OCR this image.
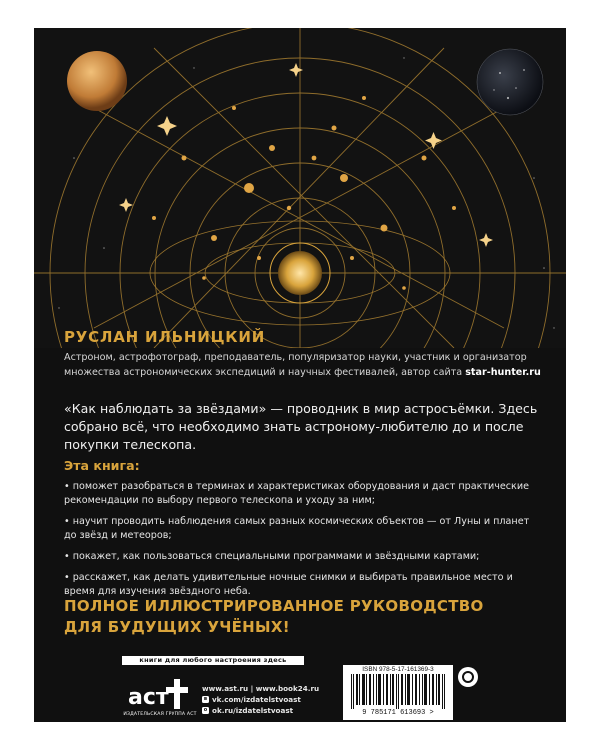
РУСЛАН ИЛЬНИЦКИЙ
Астроном, астрофотограф, преподаватель, популяризатор науки, участник и организатор множества астрономических экспедиций и научных фестивалей, автор сайта star-hunter.ru
«Как наблюдать за звёздами» — проводник в мир астросъёмки. Здесь собрано всё, что необходимо знать астроному-любителю до и после покупки телескопа.
Эта книга:
• поможет разобраться в терминах и характеристиках оборудования и даст практические рекомендации по выбору первого телескопа и уходу за ним;
• научит проводить наблюдения самых разных космических объектов — от Луны и планет до звёзд и метеоров;
• покажет, как пользоваться специальными программами и звёздными картами;
• расскажет, как делать удивительные ночные снимки и выбирать правильное место и время для изучения звёздного неба.
ПОЛНОЕ ИЛЛЮСТРИРОВАННОЕ РУКОВОДСТВО
ДЛЯ БУДУЩИХ УЧЁНЫХ!
книги для любого настроения здесь
аст
ИЗДАТЕЛЬСКАЯ ГРУППА АСТ
www.ast.ru | www.book24.ru
в vk.com/izdatelstvoast
о ok.ru/izdatelstvoast
ISBN 978-5-17-161369-3
9 785171 613693 >
